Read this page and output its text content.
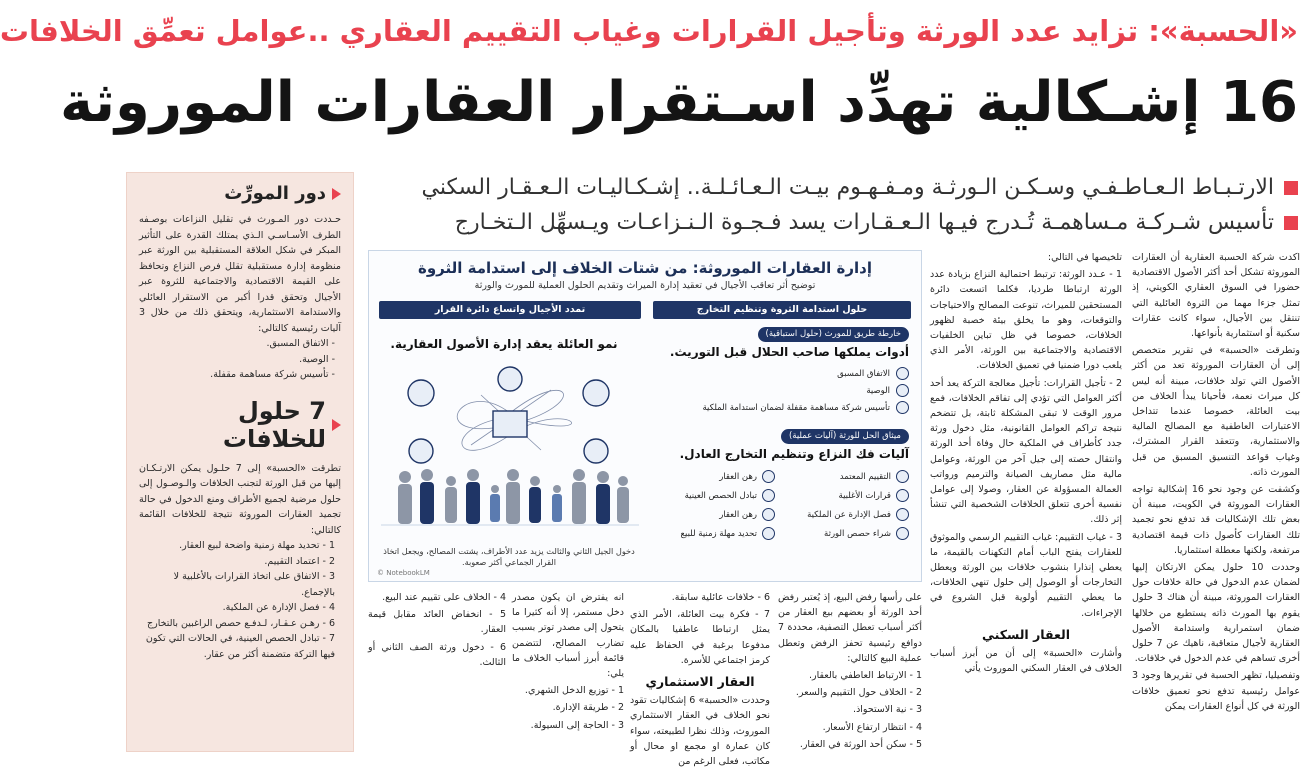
«الحسبة»: تزايد عدد الورثة وتأجيل القرارات وغياب التقييم العقاري ..عوامل تعمِّق الخلافات
16 إشـكالية تهدِّد اسـتقرار العقارات الموروثة
الارتـبـاط الـعـاطـفـي وسـكـن الـورثـة ومـفـهـوم بيـت الـعـائـلـة.. إشـكـاليـات الـعـقـار السكني
تأسيس شـركـة مـساهمـة تُـدرج فيـها الـعـقـارات يسد فـجـوة الـنـزاعـات ويـسهِّل الـتخـارج
دور المورِّث

حـددت دور المـورث في تقليل النزاعات بوصـفه الطرف الأسـاسـي الـذي يمتلك القدرة على التأثير المبكر في شكل العلاقة المستقبلية بين الورثة عبر منظومة إدارة مستقبلية تقلل فرص النزاع وتحافظ على القيمة الاقتصادية والاجتماعية للثروة عبر الأجيال وتحقق قدرا أكبر من الاستقرار العائلي والاستدامة الاستثمارية، ويتحقق ذلك من خلال 3 آليات رئيسية كالتالي:

- الاتفاق المسبق.
- الوصية.
- تأسيس شركة مساهمة مقفلة.
7 حلول للخلافات

تطرقت «الحسبة» إلى 7 حلـول يمكن الارتـكـان إليها من قبل الورثة لتجنب الخلافات والـوصـول إلى حلول مرضية لجميع الأطراف ومنع الدخول في حالة تجميد العقارات الموروثة نتيجة للخلافات القائمة كالتالي:

1 - تحديد مهلة زمنية واضحة لبيع العقار.
2 - اعتماد التقييم.
3 - الاتفاق على اتخاذ القرارات بالأغلبية لا بالإجماع.
4 - فصل الإدارة عن الملكية.
6 - رهـن عـقـار، لـدفـع حصص الراغبين بالتخارج
7 - تبادل الحصص العينية، في الحالات التي تكون فيها التركة متضمنة أكثر من عقار.

اكدت شركة الحسبة العقارية أن العقارات الموروثة تشكل أحد أكثر الأصول الاقتصادية حضورا في السوق العقاري الكويتي، إذ تمثل جزءا مهما من الثروة العائلية التي تنتقل بين الأجيال، سواء كانت عقارات سكنية أو استثمارية بأنواعها.

وتطرقت «الحسبة» في تقرير متخصص إلى أن العقارات الموروثة تعد من أكثر الأصول التي تولد خلافات، مبينة أنه ليس كل ميراث نعمة، فأحيانا يبدأ الخلاف من بيت العائلة، خصوصا عندما تتداخل الاعتبارات العاطفية مع المصالح المالية والاستثمارية، وتتعقد القرار المشترك، وغياب قواعد التنسيق المسبق من قبل المورث ذاته.

وكشفت عن وجود نحو 16 إشكالية تواجه العقارات الموروثة في الكويت، مبينة أن بعض تلك الإشكاليات قد تدفع نحو تجميد تلك العقارات كأصول ذات قيمة اقتصادية مرتفعة، ولكنها معطلة استثماريا.

وحددت 10 حلول يمكن الارتكان إليها لضمان عدم الدخول في حالة خلافات حول العقارات الموروثة، مبينة أن هناك 3 حلول يقوم بها المورث ذاته يستطيع من خلالها ضمان استمرارية واستدامة الأصول العقارية لأجيال متعاقبة، ناهيك عن 7 حلول أخرى تساهم في عدم الدخول في خلافات.

وتفصيليا، تظهر الحسبة في تقريرها وجود 3 عوامل رئيسية تدفع نحو تعميق خلافات الورثة في كل أنواع العقارات يمكن

تلخيصها في التالي:

1 - عـدد الورثة: ترتبط احتمالية النزاع بزيادة عدد الورثة ارتباطا طرديا، فكلما اتسعت دائرة المستحقين للميراث، تنوعت المصالح والاحتياجات والتوقعات، وهو ما يخلق بيئة خصبة لظهور الخلافات، خصوصا في ظل تباين الخلفيات الاقتصادية والاجتماعية بين الورثة، الأمر الذي يلعب دورا ضمنيا في تعميق الخلافات.

2 - تأجيل القرارات: تأجيل معالجة التركة يعد أحد أكثر العوامل التي تؤدي إلى تفاقم الخلافات، فمع مرور الوقت لا تبقى المشكلة ثابتة، بل تتضخم نتيجة تراكم العوامل القانونية، مثل دخول ورثة جدد كأطراف في الملكية حال وفاة أحد الورثة وانتقال حصته إلى جيل آخر من الورثة، وعوامل مالية مثل مصاريف الصيانة والترميم ورواتب العمالة المسؤولة عن العقار، وصولا إلى عوامل نفسية أخرى تتعلق الخلافات الشخصية التي تنشأ إثر ذلك.

3 - غياب التقييم: غياب التقييم الرسمي والموثوق للعقارات يفتح الباب أمام التكهنات بالقيمة، ما يعطي إنذارا بنشوب خلافات بين الورثة ويعطل التخارجات أو الوصول إلى حلول تنهي الخلافات، ما يعطي التقييم أولوية قبل الشروع في الإجراءات.

العقار السكني

وأشارت «الحسبة» إلى أن من أبرز أسباب الخلاف في العقار السكني الموروث يأتي

على رأسها رفض البيع، إذ يُعتبر رفض أحد الورثة أو بعضهم بيع العقار من أكثر أسباب تعطل التصفية، محددة 7 دوافع رئيسية تحفز الرفض وتعطل عملية البيع كالتالي:

1 - الارتباط العاطفي بالعقار.

2 - الخلاف حول التقييم والسعر.

3 - نية الاستحواذ.

4 - انتظار ارتفاع الأسعار.

5 - سكن أحد الورثة في العقار.

6 - خلافات عائلية سابقة.

7 - فكرة بيت العائلة، الأمر الذي يمثل ارتباطا عاطفيا بالمكان مدفوعا برغبة في الحفاظ عليه كرمز اجتماعي للأسرة.

العقار الاستثماري

وحددت «الحسبة» 6 إشكاليات تقود نحو الخلاف في العقار الاستثماري الموروث، وذلك نظرا لطبيعته، سواء كان عمارة او مجمع او محال أو مكاتب، فعلى الرغم من

انه يفترض ان يكون مصدر دخل مستمر، إلا أنه كثيرا ما يتحول إلى مصدر توتر بسبب تضارب المصالح، لتتضمن قائمة أبرز أسباب الخلاف ما يلي:

1 - توزيع الدخل الشهري.

2 - طريقة الإدارة.

3 - الحاجة إلى السيولة.

4 - الخلاف على تقييم عند البيع.

5 - انخفاض العائد مقابل قيمة العقار.

6 - دخول ورثة الصف الثاني أو الثالث.

إدارة العقارات الموروثة: من شتات الخلاف إلى استدامة الثروة
توضيح أثر تعاقب الأجيال في تعقيد إدارة الميراث وتقديم الحلول العملية للمورث والورثة
حلول استدامة الثروة وتنظيم التخارج
تمدد الأجيال واتساع دائرة القرار
خارطة طريق للمورث (حلول استباقية)
أدوات يملكها صاحب الحلال قبل التوريث.
الاتفاق المسبق
الوصية
تأسيس شركة مساهمة مقفلة لضمان استدامة الملكية
ميثاق الحل للورثة (آليات عملية)
آليات فك النزاع وتنظيم التخارج العادل.
التقييم المعتمد
رهن العقار
قرارات الأغلبية
تبادل الحصص العينية
فصل الإدارة عن الملكية
رهن العقار
شراء حصص الورثة
تحديد مهلة زمنية للبيع
نمو العائلة يعقد إدارة الأصول العقارية.
دخول الجيل الثاني والثالث يزيد عدد الأطراف، يشتت المصالح، ويجعل اتخاذ القرار الجماعي أكثر صعوبة.
© NotebookLM
